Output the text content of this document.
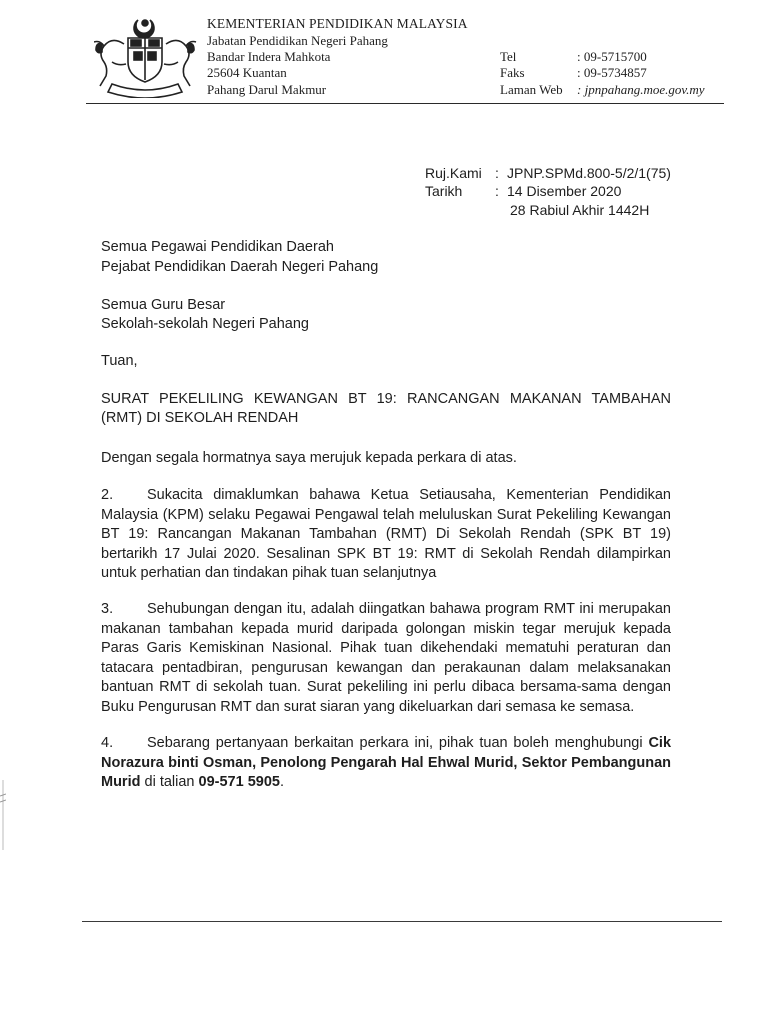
KEMENTERIAN PENDIDIKAN MALAYSIA
Jabatan Pendidikan Negeri Pahang
Bandar Indera Mahkota
25604 Kuantan
Pahang Darul Makmur
Tel	: 09-5715700
Faks	: 09-5734857
Laman Web : jpnpahang.moe.gov.my
Ruj.Kami : JPNP.SPMd.800-5/2/1(75)
Tarikh : 14 Disember 2020
28 Rabiul Akhir 1442H
Semua Pegawai Pendidikan Daerah
Pejabat Pendidikan Daerah Negeri Pahang
Semua Guru Besar
Sekolah-sekolah Negeri Pahang
Tuan,
SURAT PEKELILING KEWANGAN BT 19: RANCANGAN MAKANAN TAMBAHAN
(RMT) DI SEKOLAH RENDAH
Dengan segala hormatnya saya merujuk kepada perkara di atas.

2. Sukacita dimaklumkan bahawa Ketua Setiausaha, Kementerian Pendidikan Malaysia (KPM) selaku Pegawai Pengawal telah meluluskan Surat Pekeliling Kewangan BT 19: Rancangan Makanan Tambahan (RMT) Di Sekolah Rendah (SPK BT 19) bertarikh 17 Julai 2020. Sesalinan SPK BT 19: RMT di Sekolah Rendah dilampirkan untuk perhatian dan tindakan pihak tuan selanjutnya

3. Sehubungan dengan itu, adalah diingatkan bahawa program RMT ini merupakan makanan tambahan kepada murid daripada golongan miskin tegar merujuk kepada Paras Garis Kemiskinan Nasional. Pihak tuan dikehendaki mematuhi peraturan dan tatacara pentadbiran, pengurusan kewangan dan perakaunan dalam melaksanakan bantuan RMT di sekolah tuan. Surat pekeliling ini perlu dibaca bersama-sama dengan Buku Pengurusan RMT dan surat siaran yang dikeluarkan dari semasa ke semasa.

4. Sebarang pertanyaan berkaitan perkara ini, pihak tuan boleh menghubungi Cik Norazura binti Osman, Penolong Pengarah Hal Ehwal Murid, Sektor Pembangunan Murid di talian 09-571 5905.
